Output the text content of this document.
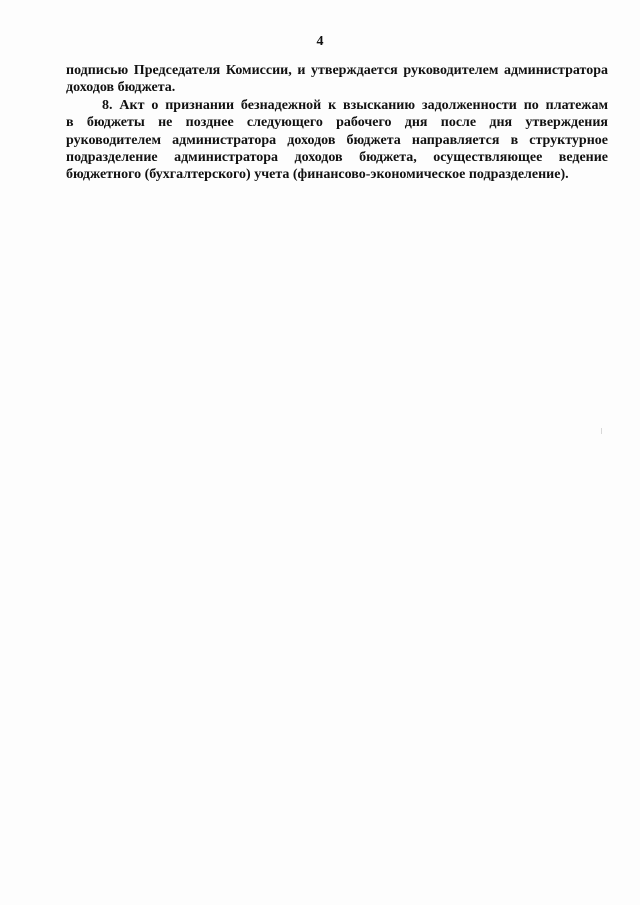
4
подписью Председателя Комиссии, и утверждается руководителем администратора
доходов бюджета.
8. Акт о признании безнадежной к взысканию задолженности по платежам
в бюджеты не позднее следующего рабочего дня после дня утверждения
руководителем администратора доходов бюджета направляется в структурное
подразделение администратора доходов бюджета, осуществляющее ведение
бюджетного (бухгалтерского) учета (финансово-экономическое подразделение).
